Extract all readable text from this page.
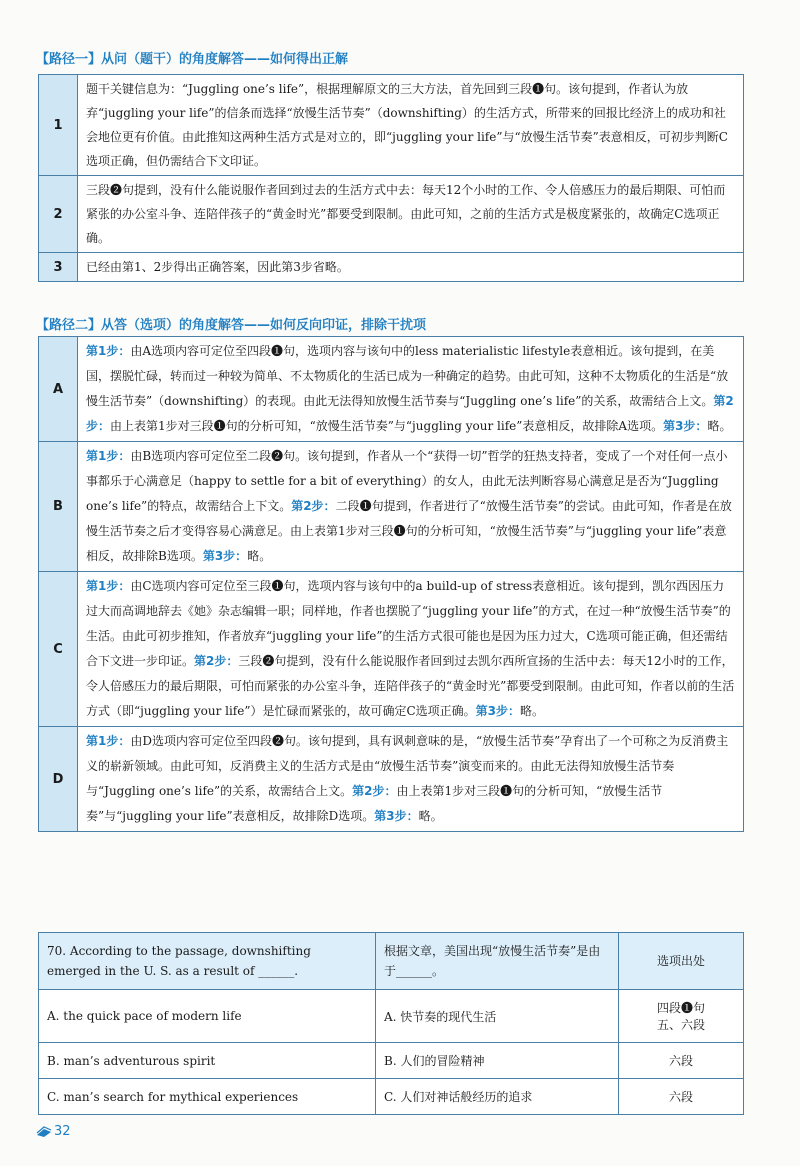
【路径一】从问（题干）的角度解答——如何得出正解
1	题干关键信息为：“Juggling one’s life”，根据理解原文的三大方法，首先回到三段❶句。该句提到，作者认为放弃“juggling your life”的信条而选择“放慢生活节奏”（downshifting）的生活方式，所带来的回报比经济上的成功和社会地位更有价值。由此推知这两种生活方式是对立的，即“juggling your life”与“放慢生活节奏”表意相反，可初步判断C选项正确，但仍需结合下文印证。
2	三段❷句提到，没有什么能说服作者回到过去的生活方式中去：每天12个小时的工作、令人倍感压力的最后期限、可怕而紧张的办公室斗争、连陪伴孩子的“黄金时光”都要受到限制。由此可知，之前的生活方式是极度紧张的，故确定C选项正确。
3	已经由第1、2步得出正确答案，因此第3步省略。
【路径二】从答（选项）的角度解答——如何反向印证，排除干扰项
A	第1步：由A选项内容可定位至四段❶句，选项内容与该句中的less materialistic lifestyle表意相近。该句提到，在美国，摆脱忙碌，转而过一种较为简单、不太物质化的生活已成为一种确定的趋势。由此可知，这种不太物质化的生活是“放慢生活节奏”（downshifting）的表现。由此无法得知放慢生活节奏与“Juggling one’s life”的关系，故需结合上文。第2步：由上表第1步对三段❶句的分析可知，“放慢生活节奏”与“juggling your life”表意相反，故排除A选项。第3步：略。
B	第1步：由B选项内容可定位至二段❷句。该句提到，作者从一个“获得一切”哲学的狂热支持者，变成了一个对任何一点小事都乐于心满意足（happy to settle for a bit of everything）的女人，由此无法判断容易心满意足是否为“Juggling one’s life”的特点，故需结合上下文。第2步：二段❶句提到，作者进行了“放慢生活节奏”的尝试。由此可知，作者是在放慢生活节奏之后才变得容易心满意足。由上表第1步对三段❶句的分析可知，“放慢生活节奏”与“juggling your life”表意相反，故排除B选项。第3步：略。
C	第1步：由C选项内容可定位至三段❶句，选项内容与该句中的a build-up of stress表意相近。该句提到，凯尔西因压力过大而高调地辞去《她》杂志编辑一职；同样地，作者也摆脱了“juggling your life”的方式，在过一种“放慢生活节奏”的生活。由此可初步推知，作者放弃“juggling your life”的生活方式很可能也是因为压力过大，C选项可能正确，但还需结合下文进一步印证。第2步：三段❷句提到，没有什么能说服作者回到过去凯尔西所宣扬的生活中去：每天12小时的工作，令人倍感压力的最后期限，可怕而紧张的办公室斗争，连陪伴孩子的“黄金时光”都要受到限制。由此可知，作者以前的生活方式（即“juggling your life”）是忙碌而紧张的，故可确定C选项正确。第3步：略。
D	第1步：由D选项内容可定位至四段❷句。该句提到，具有讽刺意味的是，“放慢生活节奏”孕育出了一个可称之为反消费主义的崭新领域。由此可知，反消费主义的生活方式是由“放慢生活节奏”演变而来的。由此无法得知放慢生活节奏与“Juggling one’s life”的关系，故需结合上文。第2步：由上表第1步对三段❶句的分析可知，“放慢生活节奏”与“juggling your life”表意相反，故排除D选项。第3步：略。
70. According to the passage, downshifting emerged in the U. S. as a result of ______.	根据文章，美国出现“放慢生活节奏”是由于______。	选项出处
A. the quick pace of modern life	A. 快节奏的现代生活	四段❶句
五、六段

B. man’s adventurous spirit	B. 人们的冒险精神	六段
C. man’s search for mythical experiences	C. 人们对神话般经历的追求	六段
32
